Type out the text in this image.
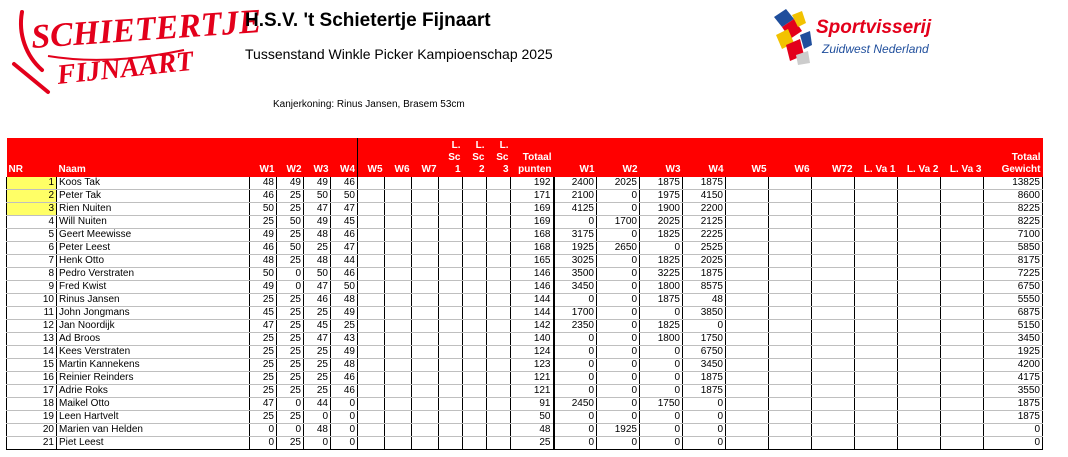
SCHIETERTJE
FIJNAART
H.S.V. 't Schietertje Fijnaart
Tussenstand Winkle Picker Kampioenschap 2025
Kanjerkoning: Rinus Jansen, Brasem 53cm
Sportvisserij
Zuidwest Nederland
NR	Naam	W1	W2	W3	W4	W5	W6	W7	L.
Sc 1	L.
Sc 2	L.
Sc 3	Totaal
punten	W1	W2	W3	W4	W5	W6	W72	L. Va 1	L. Va 2	L. Va 3	Totaal
Gewicht
1	Koos Tak	48	49	49	46							192	2400	2025	1875	1875							13825
2	Peter Tak	46	25	50	50							171	2100	0	1975	4150							8600
3	Rien Nuiten	50	25	47	47							169	4125	0	1900	2200							8225
4	Will Nuiten	25	50	49	45							169	0	1700	2025	2125							8225
5	Geert Meewisse	49	25	48	46							168	3175	0	1825	2225							7100
6	Peter Leest	46	50	25	47							168	1925	2650	0	2525							5850
7	Henk Otto	48	25	48	44							165	3025	0	1825	2025							8175
8	Pedro Verstraten	50	0	50	46							146	3500	0	3225	1875							7225
9	Fred Kwist	49	0	47	50							146	3450	0	1800	8575							6750
10	Rinus Jansen	25	25	46	48							144	0	0	1875	48							5550
11	John Jongmans	45	25	25	49							144	1700	0	0	3850							6875
12	Jan Noordijk	47	25	45	25							142	2350	0	1825	0							5150
13	Ad Broos	25	25	47	43							140	0	0	1800	1750							3450
14	Kees Verstraten	25	25	25	49							124	0	0	0	6750							1925
15	Martin Kannekens	25	25	25	48							123	0	0	0	3450							4200
16	Reinier Reinders	25	25	25	46							121	0	0	0	1875							4175
17	Adrie Roks	25	25	25	46							121	0	0	0	1875							3550
18	Maikel Otto	47	0	44	0							91	2450	0	1750	0							1875
19	Leen Hartvelt	25	25	0	0							50	0	0	0	0							1875
20	Marien van Helden	0	0	48	0							48	0	1925	0	0							0
21	Piet Leest	0	25	0	0							25	0	0	0	0							0
